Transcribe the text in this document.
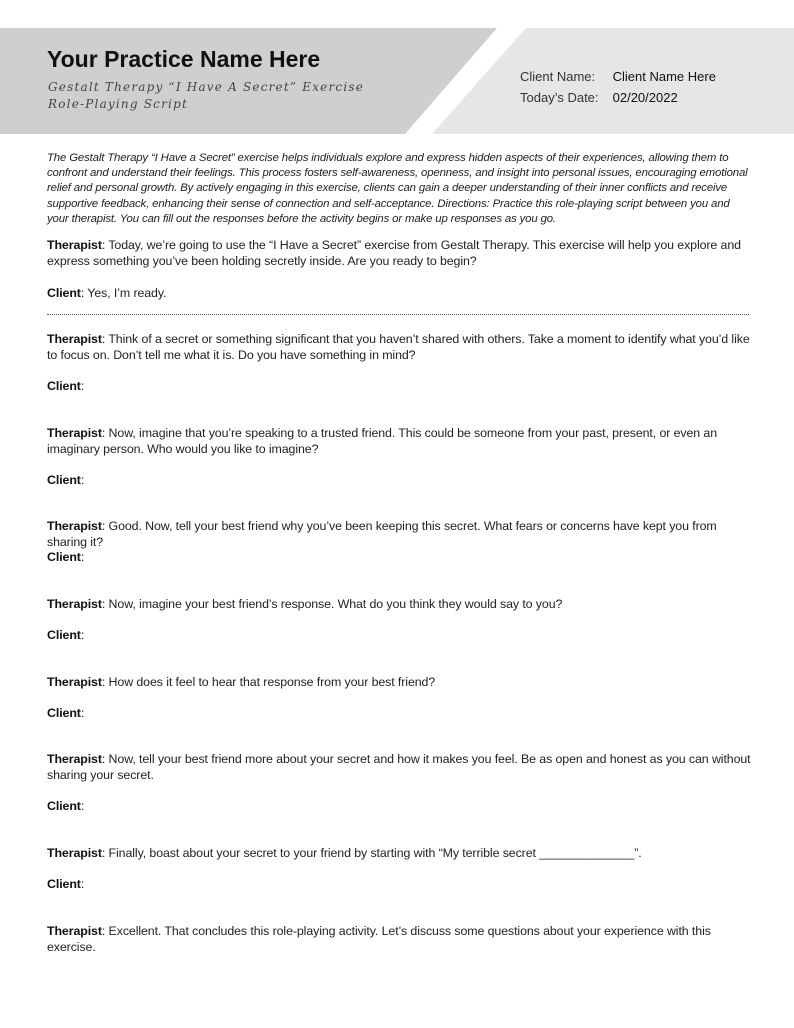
Your Practice Name Here
Gestalt Therapy “I Have A Secret” Exercise
Role-Playing Script
Client Name: Client Name Here
Today’s Date: 02/20/2022
The Gestalt Therapy “I Have a Secret” exercise helps individuals explore and express hidden aspects of their experiences, allowing them to confront and understand their feelings. This process fosters self-awareness, openness, and insight into personal issues, encouraging emotional relief and personal growth. By actively engaging in this exercise, clients can gain a deeper understanding of their inner conflicts and receive supportive feedback, enhancing their sense of connection and self-acceptance. Directions: Practice this role-playing script between you and your therapist. You can fill out the responses before the activity begins or make up responses as you go.
Therapist: Today, we’re going to use the “I Have a Secret” exercise from Gestalt Therapy. This exercise will help you explore and express something you’ve been holding secretly inside. Are you ready to begin?
Client: Yes, I’m ready.
Therapist: Think of a secret or something significant that you haven’t shared with others. Take a moment to identify what you’d like to focus on. Don’t tell me what it is. Do you have something in mind?
Client:
Therapist: Now, imagine that you’re speaking to a trusted friend. This could be someone from your past, present, or even an imaginary person. Who would you like to imagine?
Client:
Therapist: Good. Now, tell your best friend why you’ve been keeping this secret. What fears or concerns have kept you from sharing it?
Client:
Therapist: Now, imagine your best friend’s response. What do you think they would say to you?
Client:
Therapist: How does it feel to hear that response from your best friend?
Client:
Therapist: Now, tell your best friend more about your secret and how it makes you feel. Be as open and honest as you can without sharing your secret.
Client:
Therapist: Finally, boast about your secret to your friend by starting with “My terrible secret ______________”.
Client:
Therapist: Excellent. That concludes this role-playing activity. Let’s discuss some questions about your experience with this exercise.
